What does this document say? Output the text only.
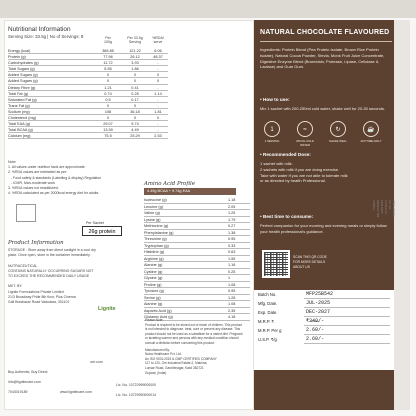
Nutritional Information
Serving Size: 33.5g | No of Servings: 8	Per
100g
Per 33.5g
Serving
%RDA/
serve
Energy (kcal)	365.85	121.22	6.06
Protein (g)	77.96	26.12	48.37
Carbohydrates (g)	11.72	3.93	-
Total Sugars (g)	5.55	1.86	-
Added Sugars (g)	0	0	0
Added Sugars (g)	0	0	0
Dietary Fibre (g)	1.21	0.41	-
Total Fat (g)	0.74	0.25	1.14
Saturated Fat (g)	0.5	0.17	-
Trans Fat (g)	0	0	-
Sodium (mg)	108	36.18	1.81
Cholesterol (mg)	0	0	0
Total EAA (g)	29.07	9.74	-
Total BCAA (g)	13.39	4.49	-
Calcium (mg)	75.5	25.29	2.53
Note:
1. All values under nutrition facts are approximate.
2. %RDA values are estimated as per:
- Food safety & standards (Labelling & display) Regulation
- ICMR, Man-moderate work
3. %RDA values not established.
4. %RDA calculated as per 2000kcal energy diet for adults.
Per Sachet
26g protein
Amino Acid Profile
4.49g BCAA + 9.74g EAA
Isoleucine (g)	1.18
Leucine (g)	2.05
Valine (g)	1.25
Lysine (g)	1.79
Methionine (g)	0.27
Phenylalanine (g)	1.38
Threonine (g)	0.95
Tryptophan (g)	0.33
Histidine (g)	0.63
Arginine (g)	1.55
Alanine (g)	1.16
Cystine (g)	0.25
Glycine (g)	1
Proline (g)	1.08
Tyrosine (g)	0.95
Serine (g)	1.28
Alanine (g)	1.08
Aspartic Acid (g)	2.35
Glutamic Acid (g)	4.18
Product Information
STORAGE : Store away from direct sunlight in a cool dry
place. Once open, store in the container immediately.

NUTRACEUTICAL
CONTAINS NATURALLY OCCURRING SUGARS NOT
TO EXCEED THE RECOMMENDED DAILY USAGE

MKT. BY:
Lignite Formulations Private Limited
21/3 Broadway Pride 8th floor, Pius Cinema
Gali Bowbazar Road Vadodara, 301101
Lignite
Buy Authentic, Buy Direct
info@lignitecare.com
7043019189	www.lignitecare.com
ore.com
Lic. No. 10722999000000
Lic. No. 10729990000014
Please Note:
Product is required to be stored out of reach of children. This product is not intended to diagnose, treat, cure or prevent any disease. This product should not be used as a substitute for a varied diet. Pregnant or lactating women and persons with any medical condition should consult a dietician before consuming this product.
Manufactured By:
Nutra Healthcare Pvt. Ltd.
An ISO 9001:2015 & GMP CERTIFIED COMPANY
117 to 120, Om Industrial Estate-2, Makrina,
Lunsar Road, Gandhinagar, Kalol 382721
Gujarat, (India)
NATURAL CHOCOLATE FLAVOURED
Ingredients: Protein Blend (Pea Protein Isolate, Brown Rice Protein Isolate), Natural Cocoa Powder, Stevia, Monk Fruit Juice Concentrate, Digestive Enzyme Blend (Bromelain, Protease, Lipase, Cellulase & Lactase) and Guar Gum.
• How to use:
Mix 1 sachet with 200-250ml cold water, shake well for 20-30 seconds.
1
1 SERVING
≈
250 ML COLD WATER
↻
SHAKE WELL
☕
ANYTIME DAILY
• Recommended Dose:
1 sachet with milk.
2 sachets with milk if you are doing exercise.
Take with water if you are not able to tolerate milk
or as directed by health Professional.
• Best time to consume:
Perfect companion for your morning and evening meals or simply follow your health professional's guidance.
SCAN THIS QR CODE
FOR MORE DETAILS
ABOUT US
Batch No.	MFP25B542
Mfg. Date.	JUL-2025
Exp. Date.	DEC-2027
M.R.P. ₹	₹3̶4̶0̶/-
M.R.P. Per g	2.60/-
U.S.P. ₹/g	2.60/-
(INCLUSIVE OF ALL TAXES AS PER MRP WEIGHT ON LABEL)
